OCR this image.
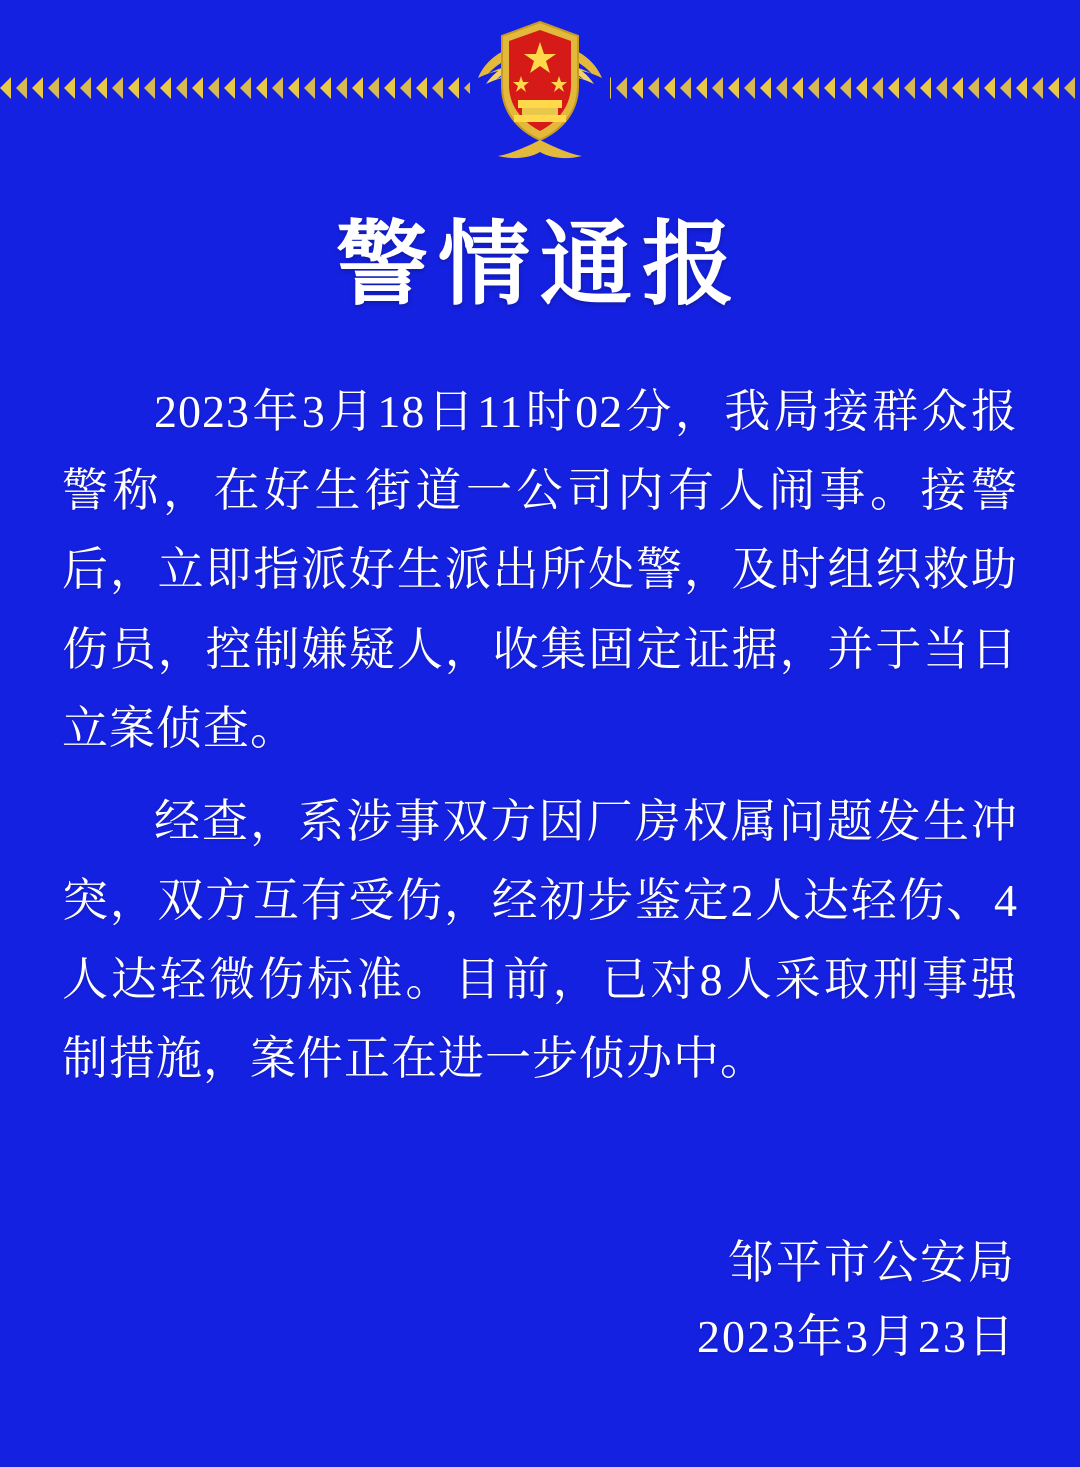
警情通报

2023年3月18日11时02分，我局接群众报警称，在好生街道一公司内有人闹事。接警后，立即指派好生派出所处警，及时组织救助伤员，控制嫌疑人，收集固定证据，并于当日立案侦查。

经查，系涉事双方因厂房权属问题发生冲突，双方互有受伤，经初步鉴定2人达轻伤、4人达轻微伤标准。目前，已对8人采取刑事强制措施，案件正在进一步侦办中。

邹平市公安局
2023年3月23日
